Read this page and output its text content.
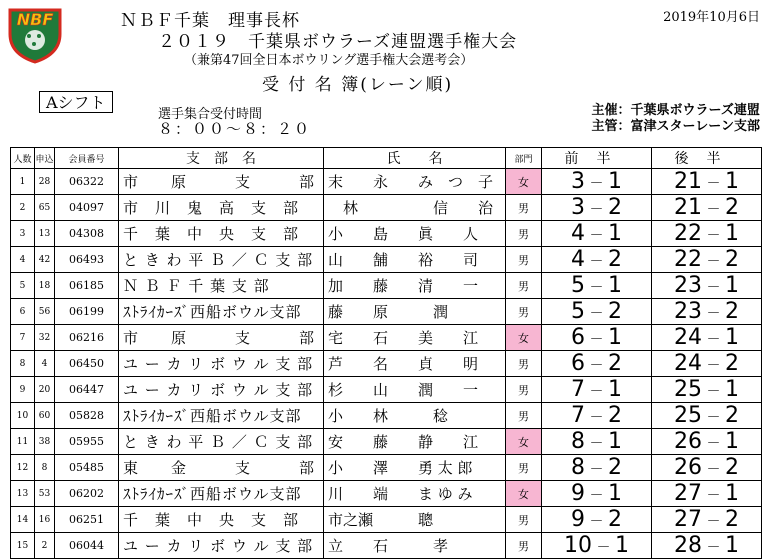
NBF	ＮＢＦ千葉　理事長杯
２０１９　千葉県ボウラーズ連盟選手権大会
（兼第47回全日本ボウリング選手権大会選考会）
受 付 名 簿(レーン順)
2019年10月6日
Aシフト
選手集合受付時間
８：００～８：２０
主催：千葉県ボウラーズ連盟
主管：富津スターレーン支部
人数	申込	会員番号	支　部　名	氏　　名	部門	前半	後半
1	28	06322	市　　原　　　支　　　部	末　　永　　み　つ　子	女	3 － 1	21 － 1
2	65	04097	市　川　鬼　高　支　部	　林　　　　　信　　治	男	3 － 2	21 － 2
3	13	04308	千　葉　中　央　支　部	小　　島　　眞　　人	男	4 － 1	22 － 1
4	42	06493	と き わ 平 Ｂ ／ Ｃ 支 部	山　　舗　　裕　　司	男	4 － 2	22 － 2
5	18	06185	Ｎ Ｂ Ｆ 千 葉 支 部	加　　藤　　清　　一	男	5 － 1	23 － 1
6	56	06199	ｽﾄﾗｲｶｰｽﾞ西船ボウル支部	藤　　原　　　潤	男	5 － 2	23 － 2
7	32	06216	市　　原　　　支　　　部	宅　　石　　美　　江	女	6 － 1	24 － 1
8	4	06450	ユ ー カ リ ボ ウ ル 支 部	芦　　名　　貞　　明	男	6 － 2	24 － 2
9	20	06447	ユ ー カ リ ボ ウ ル 支 部	杉　　山　　潤　　一	男	7 － 1	25 － 1
10	60	05828	ｽﾄﾗｲｶｰｽﾞ西船ボウル支部	小　　林　　　稔	男	7 － 2	25 － 2
11	38	05955	と き わ 平 Ｂ ／ Ｃ 支 部	安　　藤　　静　　江	女	8 － 1	26 － 1
12	8	05485	東　　金　　　支　　　部	小　　澤　　勇 太 郎	男	8 － 2	26 － 2
13	53	06202	ｽﾄﾗｲｶｰｽﾞ西船ボウル支部	川　　端　　ま ゆ み	女	9 － 1	27 － 1
14	16	06251	千　葉　中　央　支　部	市之瀬　　　聰	男	9 － 2	27 － 2
15	2	06044	ユ ー カ リ ボ ウ ル 支 部	立　　石　　　孝	男	10 － 1	28 － 1
